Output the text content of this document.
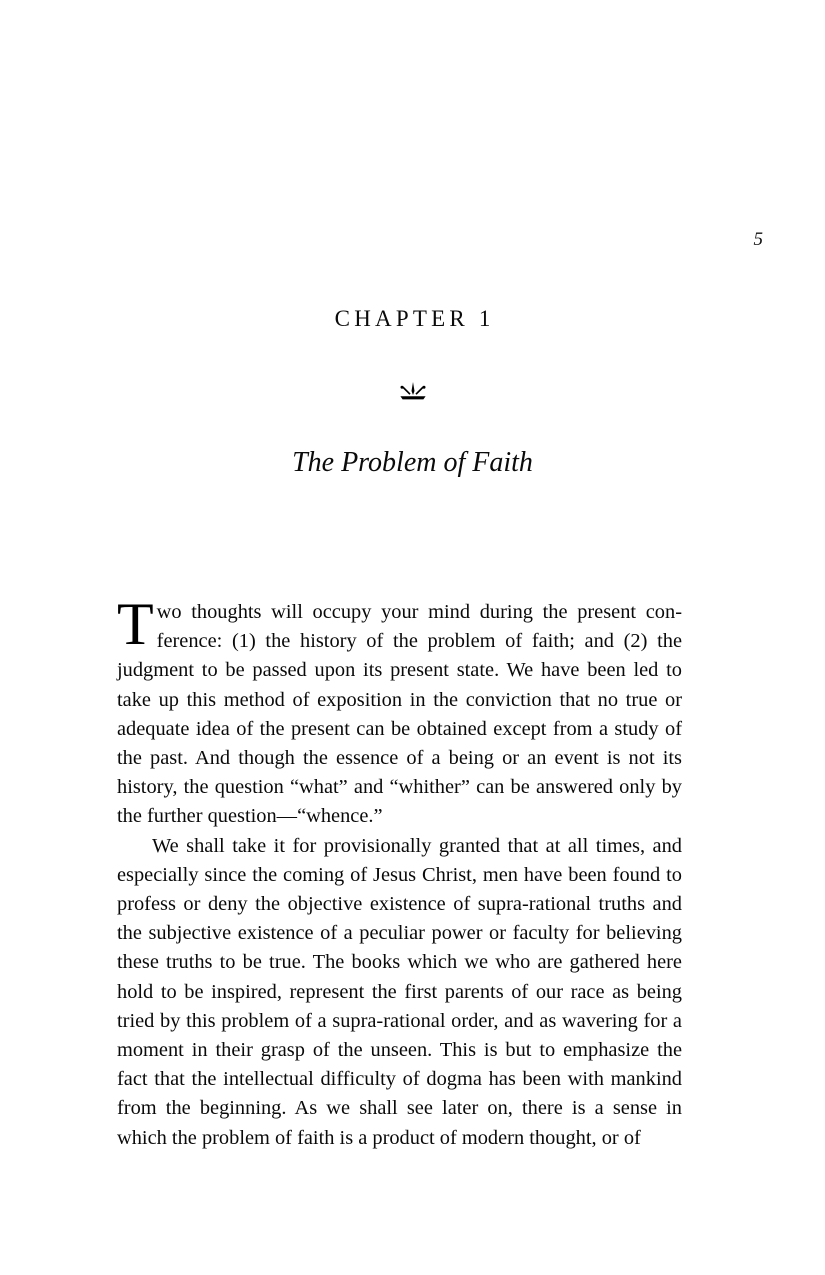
5
CHAPTER 1
The Problem of Faith

Two thoughts will occupy your mind during the present conference: (1) the history of the problem of faith; and (2) the judgment to be passed upon its present state. We have been led to take up this method of exposition in the conviction that no true or adequate idea of the present can be obtained except from a study of the past. And though the essence of a being or an event is not its history, the question “what” and “whither” can be answered only by the further question—“whence.”

We shall take it for provisionally granted that at all times, and especially since the coming of Jesus Christ, men have been found to profess or deny the objective existence of supra-rational truths and the subjective existence of a peculiar power or faculty for believing these truths to be true. The books which we who are gathered here hold to be inspired, represent the first parents of our race as being tried by this problem of a supra-rational order, and as wavering for a moment in their grasp of the unseen. This is but to emphasize the fact that the intellectual difficulty of dogma has been with mankind from the beginning. As we shall see later on, there is a sense in which the problem of faith is a product of modern thought, or of
